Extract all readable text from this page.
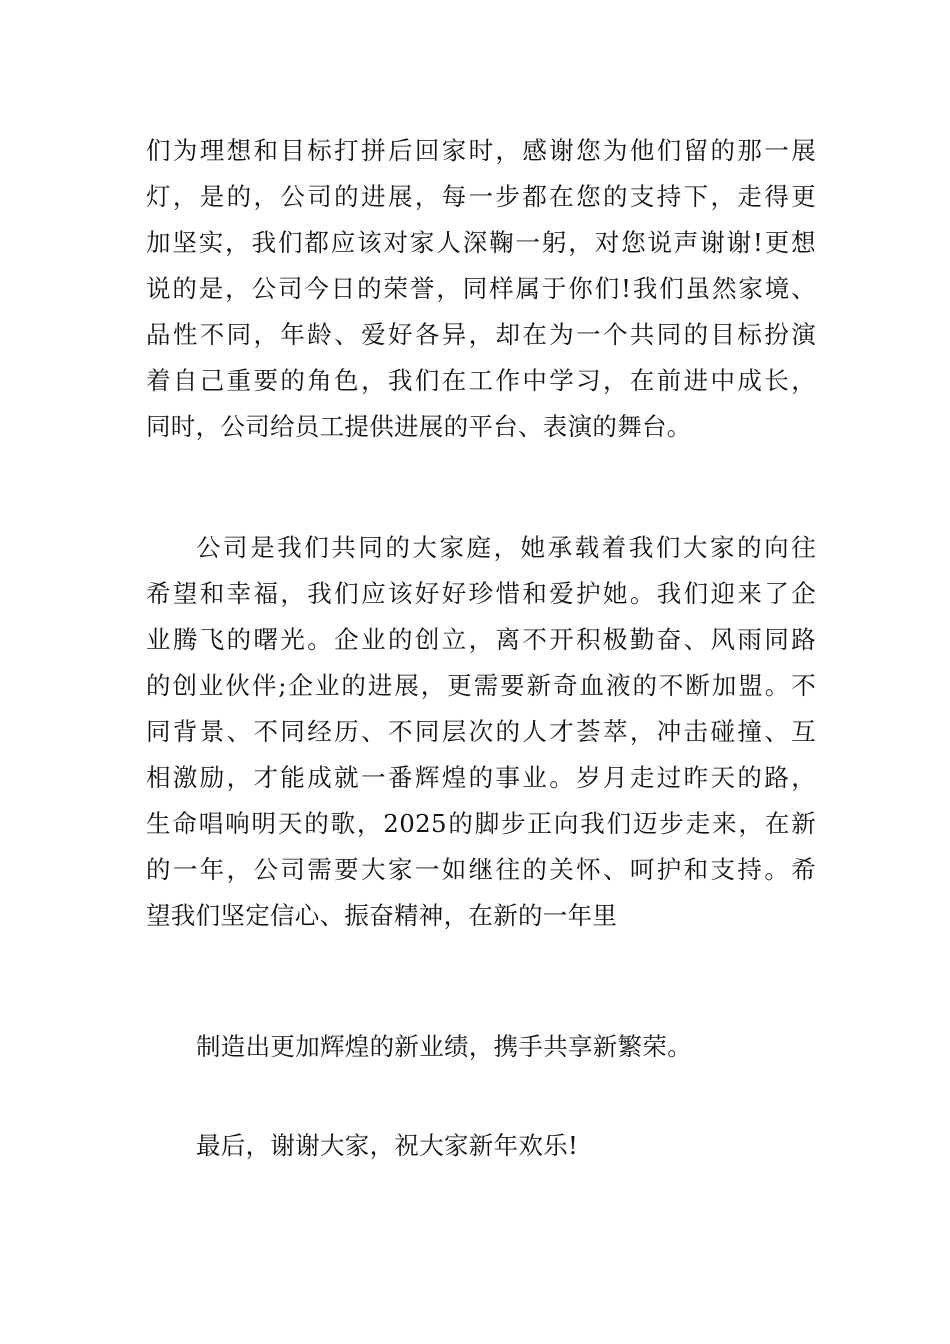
们为理想和目标打拼后回家时，感谢您为他们留的那一展
灯，是的，公司的进展，每一步都在您的支持下，走得更
加坚实，我们都应该对家人深鞠一躬，对您说声谢谢!更想
说的是，公司今日的荣誉，同样属于你们!我们虽然家境、
品性不同，年龄、爱好各异，却在为一个共同的目标扮演
着自己重要的角色，我们在工作中学习，在前进中成长，
同时，公司给员工提供进展的平台、表演的舞台。

公司是我们共同的大家庭，她承载着我们大家的向往
希望和幸福，我们应该好好珍惜和爱护她。我们迎来了企
业腾飞的曙光。企业的创立，离不开积极勤奋、风雨同路
的创业伙伴;企业的进展，更需要新奇血液的不断加盟。不
同背景、不同经历、不同层次的人才荟萃，冲击碰撞、互
相激励，才能成就一番辉煌的事业。岁月走过昨天的路，
生命唱响明天的歌，2025的脚步正向我们迈步走来，在新
的一年，公司需要大家一如继往的关怀、呵护和支持。希
望我们坚定信心、振奋精神，在新的一年里

制造出更加辉煌的新业绩，携手共享新繁荣。

最后，谢谢大家，祝大家新年欢乐!
